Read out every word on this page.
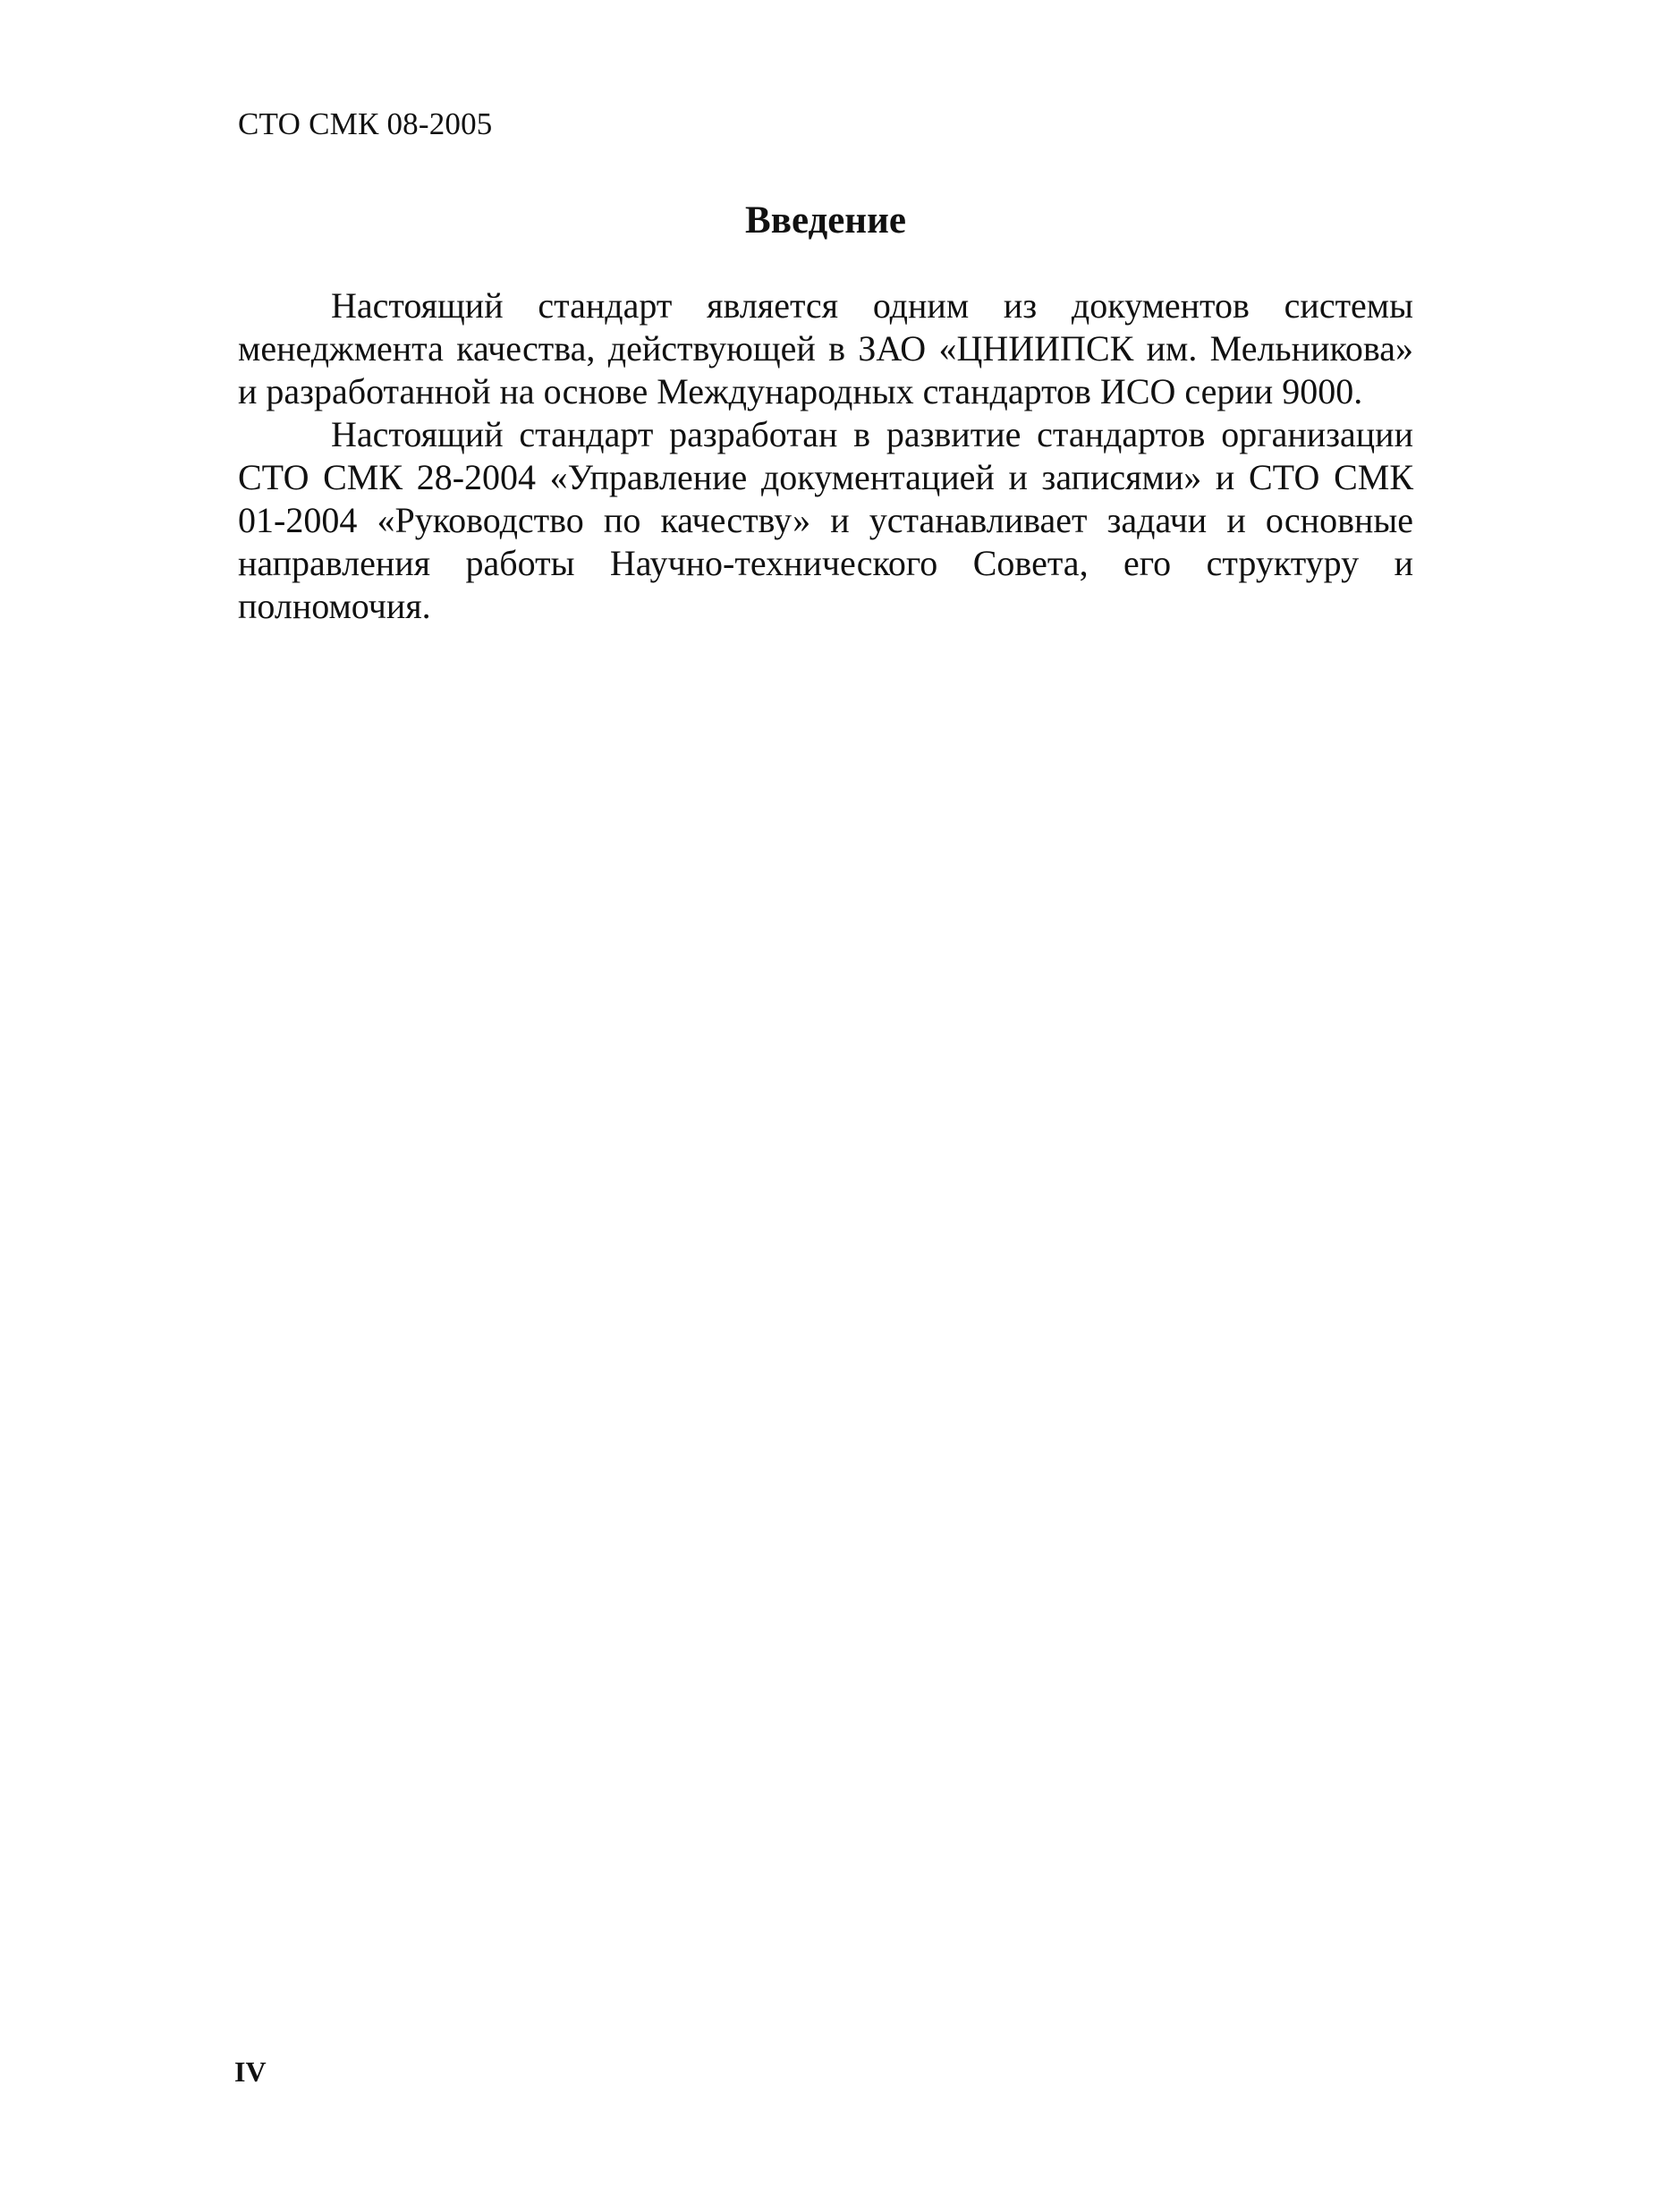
СТО СМК 08-2005
Введение

Настоящий стандарт является одним из документов системы менеджмента качества, действующей в ЗАО «ЦНИИПСК им. Мельникова» и разработанной на основе Международных стандартов ИСО серии 9000.

Настоящий стандарт разработан в развитие стандартов организации СТО СМК 28-2004 «Управление документацией и записями» и СТО СМК 01-2004 «Руководство по качеству» и устанавливает задачи и основные направления работы Научно-технического Совета, его структуру и полномочия.

IV
